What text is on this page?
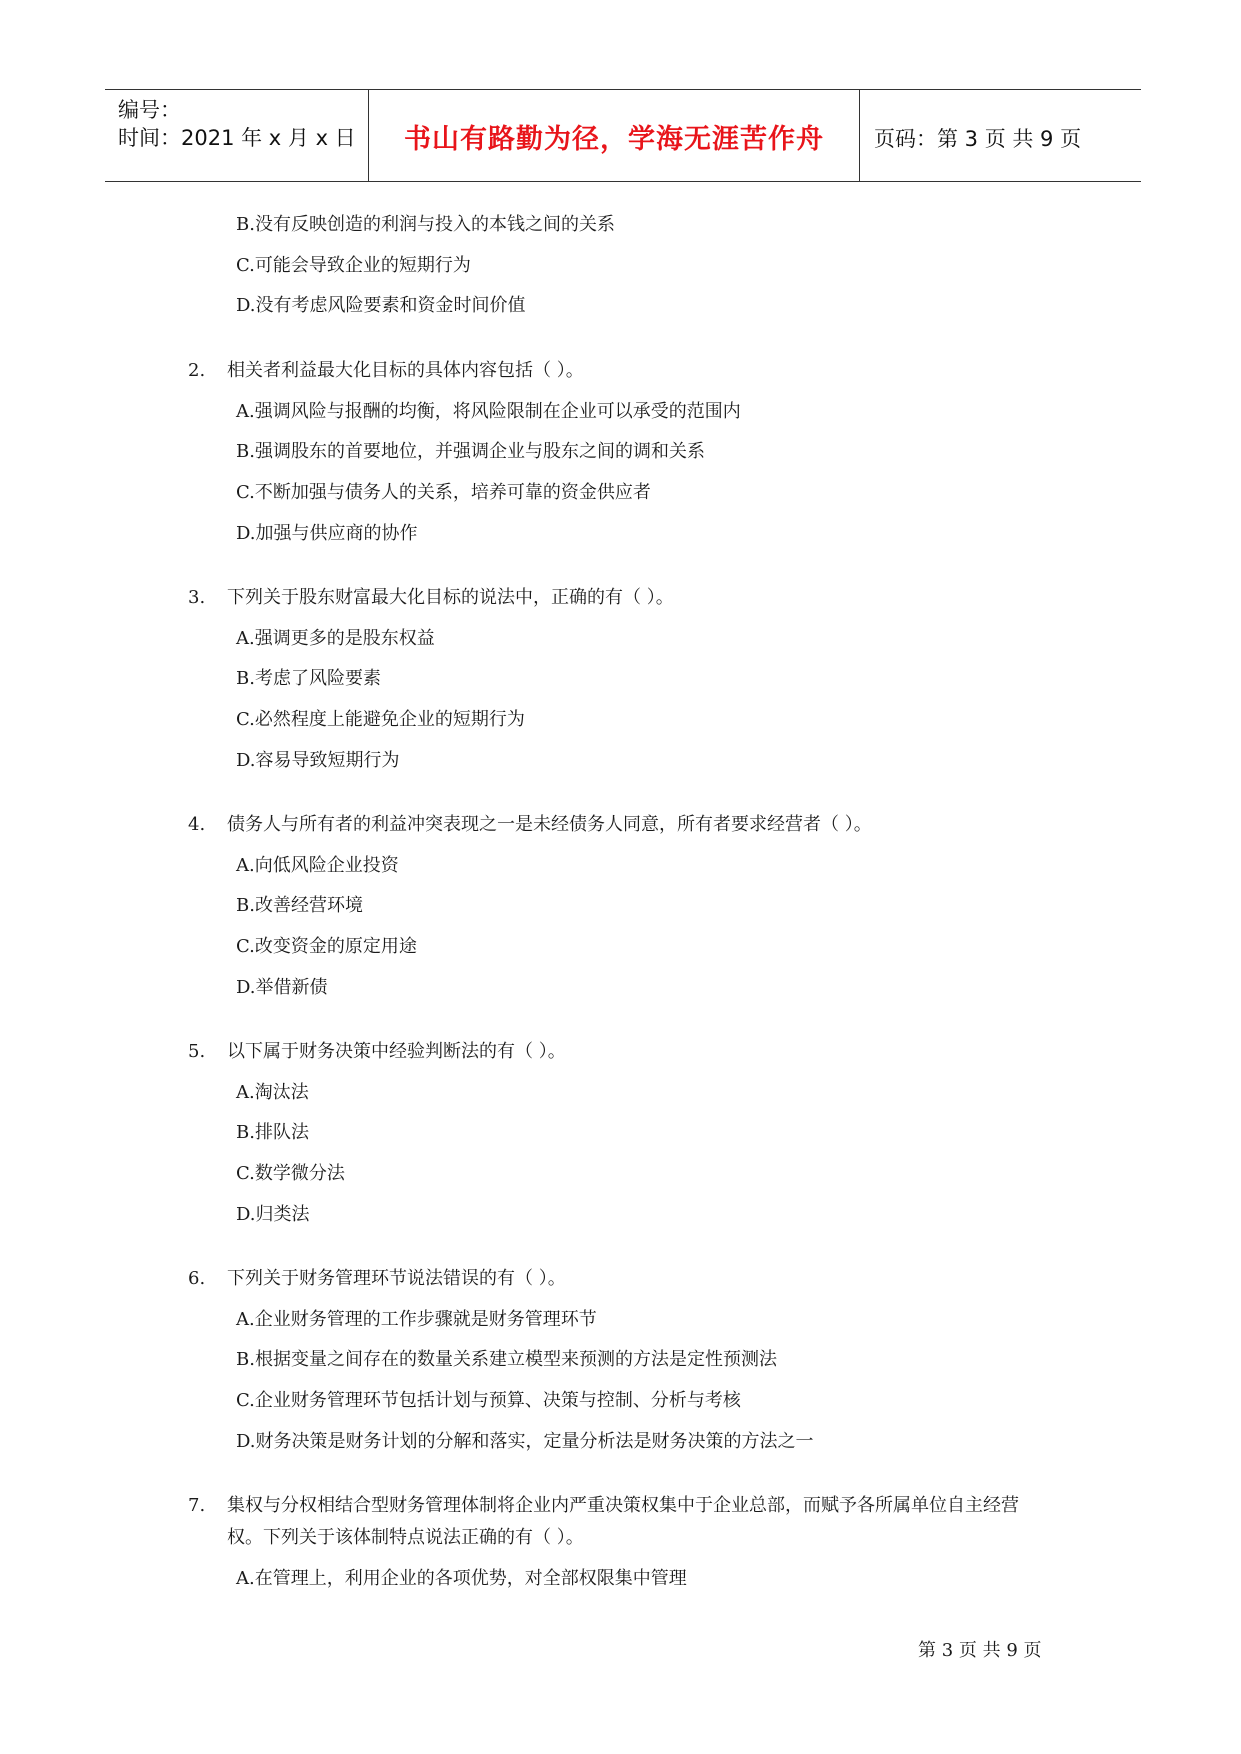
编号：
时间：2021 年 x 月 x 日	书山有路勤为径，学海无涯苦作舟	页码：第 3 页 共 9 页
B.没有反映创造的利润与投入的本钱之间的关系
C.可能会导致企业的短期行为
D.没有考虑风险要素和资金时间价值
2. 相关者利益最大化目标的具体内容包括（ ）。
A.强调风险与报酬的均衡，将风险限制在企业可以承受的范围内
B.强调股东的首要地位，并强调企业与股东之间的调和关系
C.不断加强与债务人的关系，培养可靠的资金供应者
D.加强与供应商的协作
3. 下列关于股东财富最大化目标的说法中，正确的有（ ）。
A.强调更多的是股东权益
B.考虑了风险要素
C.必然程度上能避免企业的短期行为
D.容易导致短期行为
4. 债务人与所有者的利益冲突表现之一是未经债务人同意，所有者要求经营者（ ）。
A.向低风险企业投资
B.改善经营环境
C.改变资金的原定用途
D.举借新债
5. 以下属于财务决策中经验判断法的有（ ）。
A.淘汰法
B.排队法
C.数学微分法
D.归类法
6. 下列关于财务管理环节说法错误的有（ ）。
A.企业财务管理的工作步骤就是财务管理环节
B.根据变量之间存在的数量关系建立模型来预测的方法是定性预测法
C.企业财务管理环节包括计划与预算、决策与控制、分析与考核
D.财务决策是财务计划的分解和落实，定量分析法是财务决策的方法之一
7. 集权与分权相结合型财务管理体制将企业内严重决策权集中于企业总部，而赋予各所属单位自主经营
权。下列关于该体制特点说法正确的有（ ）。
A.在管理上，利用企业的各项优势，对全部权限集中管理
第 3 页 共 9 页
